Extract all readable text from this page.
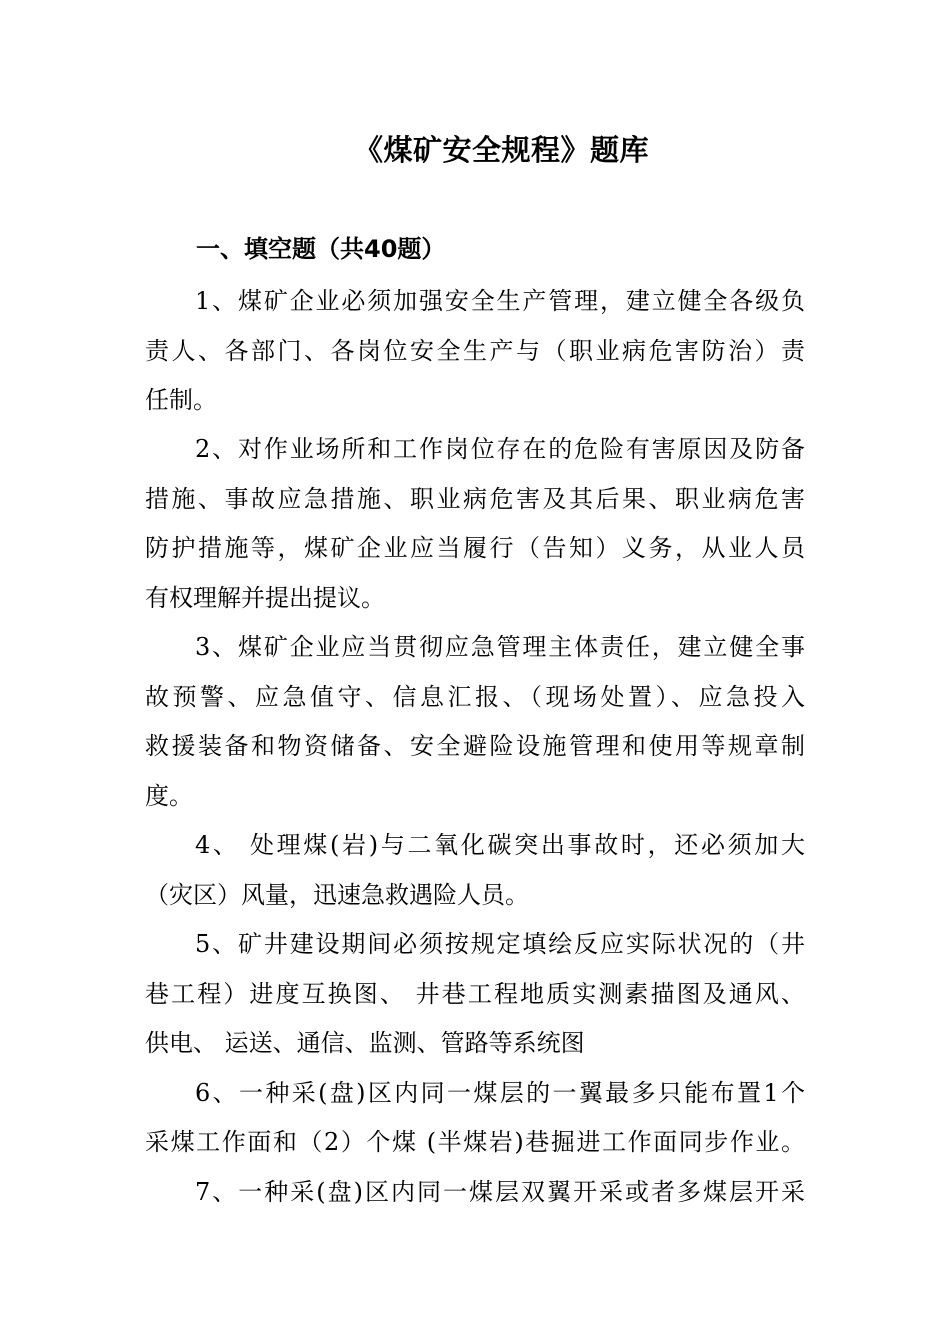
《煤矿安全规程》题库
一、填空题（共40题）
1、煤矿企业必须加强安全生产管理，建立健全各级负
责人、各部门、各岗位安全生产与（职业病危害防治）责
任制。
2、对作业场所和工作岗位存在的危险有害原因及防备
措施、事故应急措施、职业病危害及其后果、职业病危害
防护措施等，煤矿企业应当履行（告知）义务，从业人员
有权理解并提出提议。
3、煤矿企业应当贯彻应急管理主体责任，建立健全事
故预警、应急值守、信息汇报、（现场处置）、应急投入
救援装备和物资储备、安全避险设施管理和使用等规章制
度。
4、 处理煤(岩)与二氧化碳突出事故时，还必须加大
（灾区）风量，迅速急救遇险人员。
5、矿井建设期间必须按规定填绘反应实际状况的（井
巷工程）进度互换图、 井巷工程地质实测素描图及通风、
供电、 运送、通信、监测、管路等系统图
6、一种采(盘)区内同一煤层的一翼最多只能布置1个
采煤工作面和（2）个煤 (半煤岩)巷掘进工作面同步作业。
7、一种采(盘)区内同一煤层双翼开采或者多煤层开采
